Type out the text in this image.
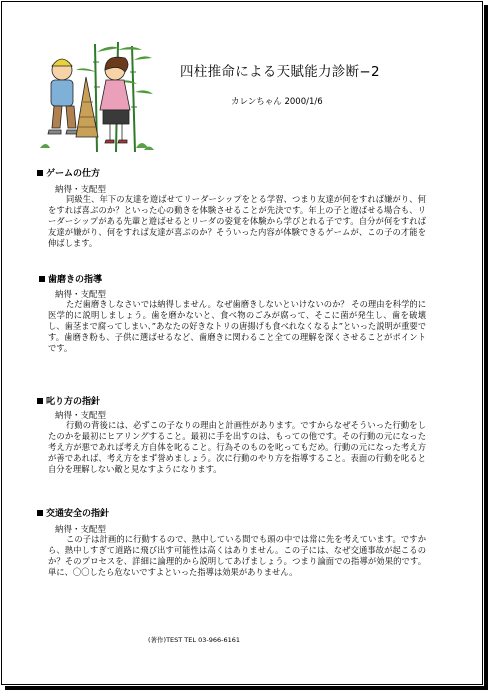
四柱推命による天賦能力診断−2
カレンちゃん 2000/1/6
ゲームの仕方
納得・支配型
同級生、年下の友達を遊ばせてリーダーシップをとる学習、つまり友達が何をすれば嫌がり、何をすれば喜ぶのか？といった心の動きを体験させることが先決です。年上の子と遊ばせる場合も、リーダーシップがある先輩と遊ばせるとリーダの姿覚を体験から学びとれる子です。自分が何をすれば友達が嫌がり、何をすれば友達が喜ぶのか？そういった内容が体験できるゲームが、この子の才能を伸ばします。
歯磨きの指導
納得・支配型
ただ歯磨きしなさいでは納得しません。なぜ歯磨きしないといけないのか？ その理由を科学的に医学的に説明しましょう。歯を磨かないと、食べ物のごみが腐って、そこに菌が発生し、歯を破壊し、歯茎まで腐ってしまい、”あなたの好きなトリの唐揚げも食べれなくなるよ”といった説明が重要です。歯磨き粉も、子供に選ばせるなど、歯磨きに関わること全ての理解を深くさせることがポイントです。
叱り方の指針
納得・支配型
行動の背後には、必ずこの子なりの理由と計画性があります。ですからなぜそういった行動をしたのかを最初にヒアリングすること。最初に手を出すのは、もっての他です。その行動の元になった考え方が悪であれば考え方自体を叱ること。行為そのものを叱ってもだめ。行動の元になった考え方が善であれば、考え方をまず誉めましょう。次に行動のやり方を指導すること。表面の行動を叱ると自分を理解しない敵と見なすようになります。
交通安全の指針
納得・支配型
この子は計画的に行動するので、熱中している間でも頭の中では常に先を考えています。ですから、熱中しすぎて道路に飛び出す可能性は高くはありません。この子には、なぜ交通事故が起こるのか？そのプロセスを、詳細に論理的から説明してあげましょう。つまり論面での指導が効果的です。単に、〇〇したら危ないですよといった指導は効果がありません。
(著作)TEST TEL 03-966-6161
